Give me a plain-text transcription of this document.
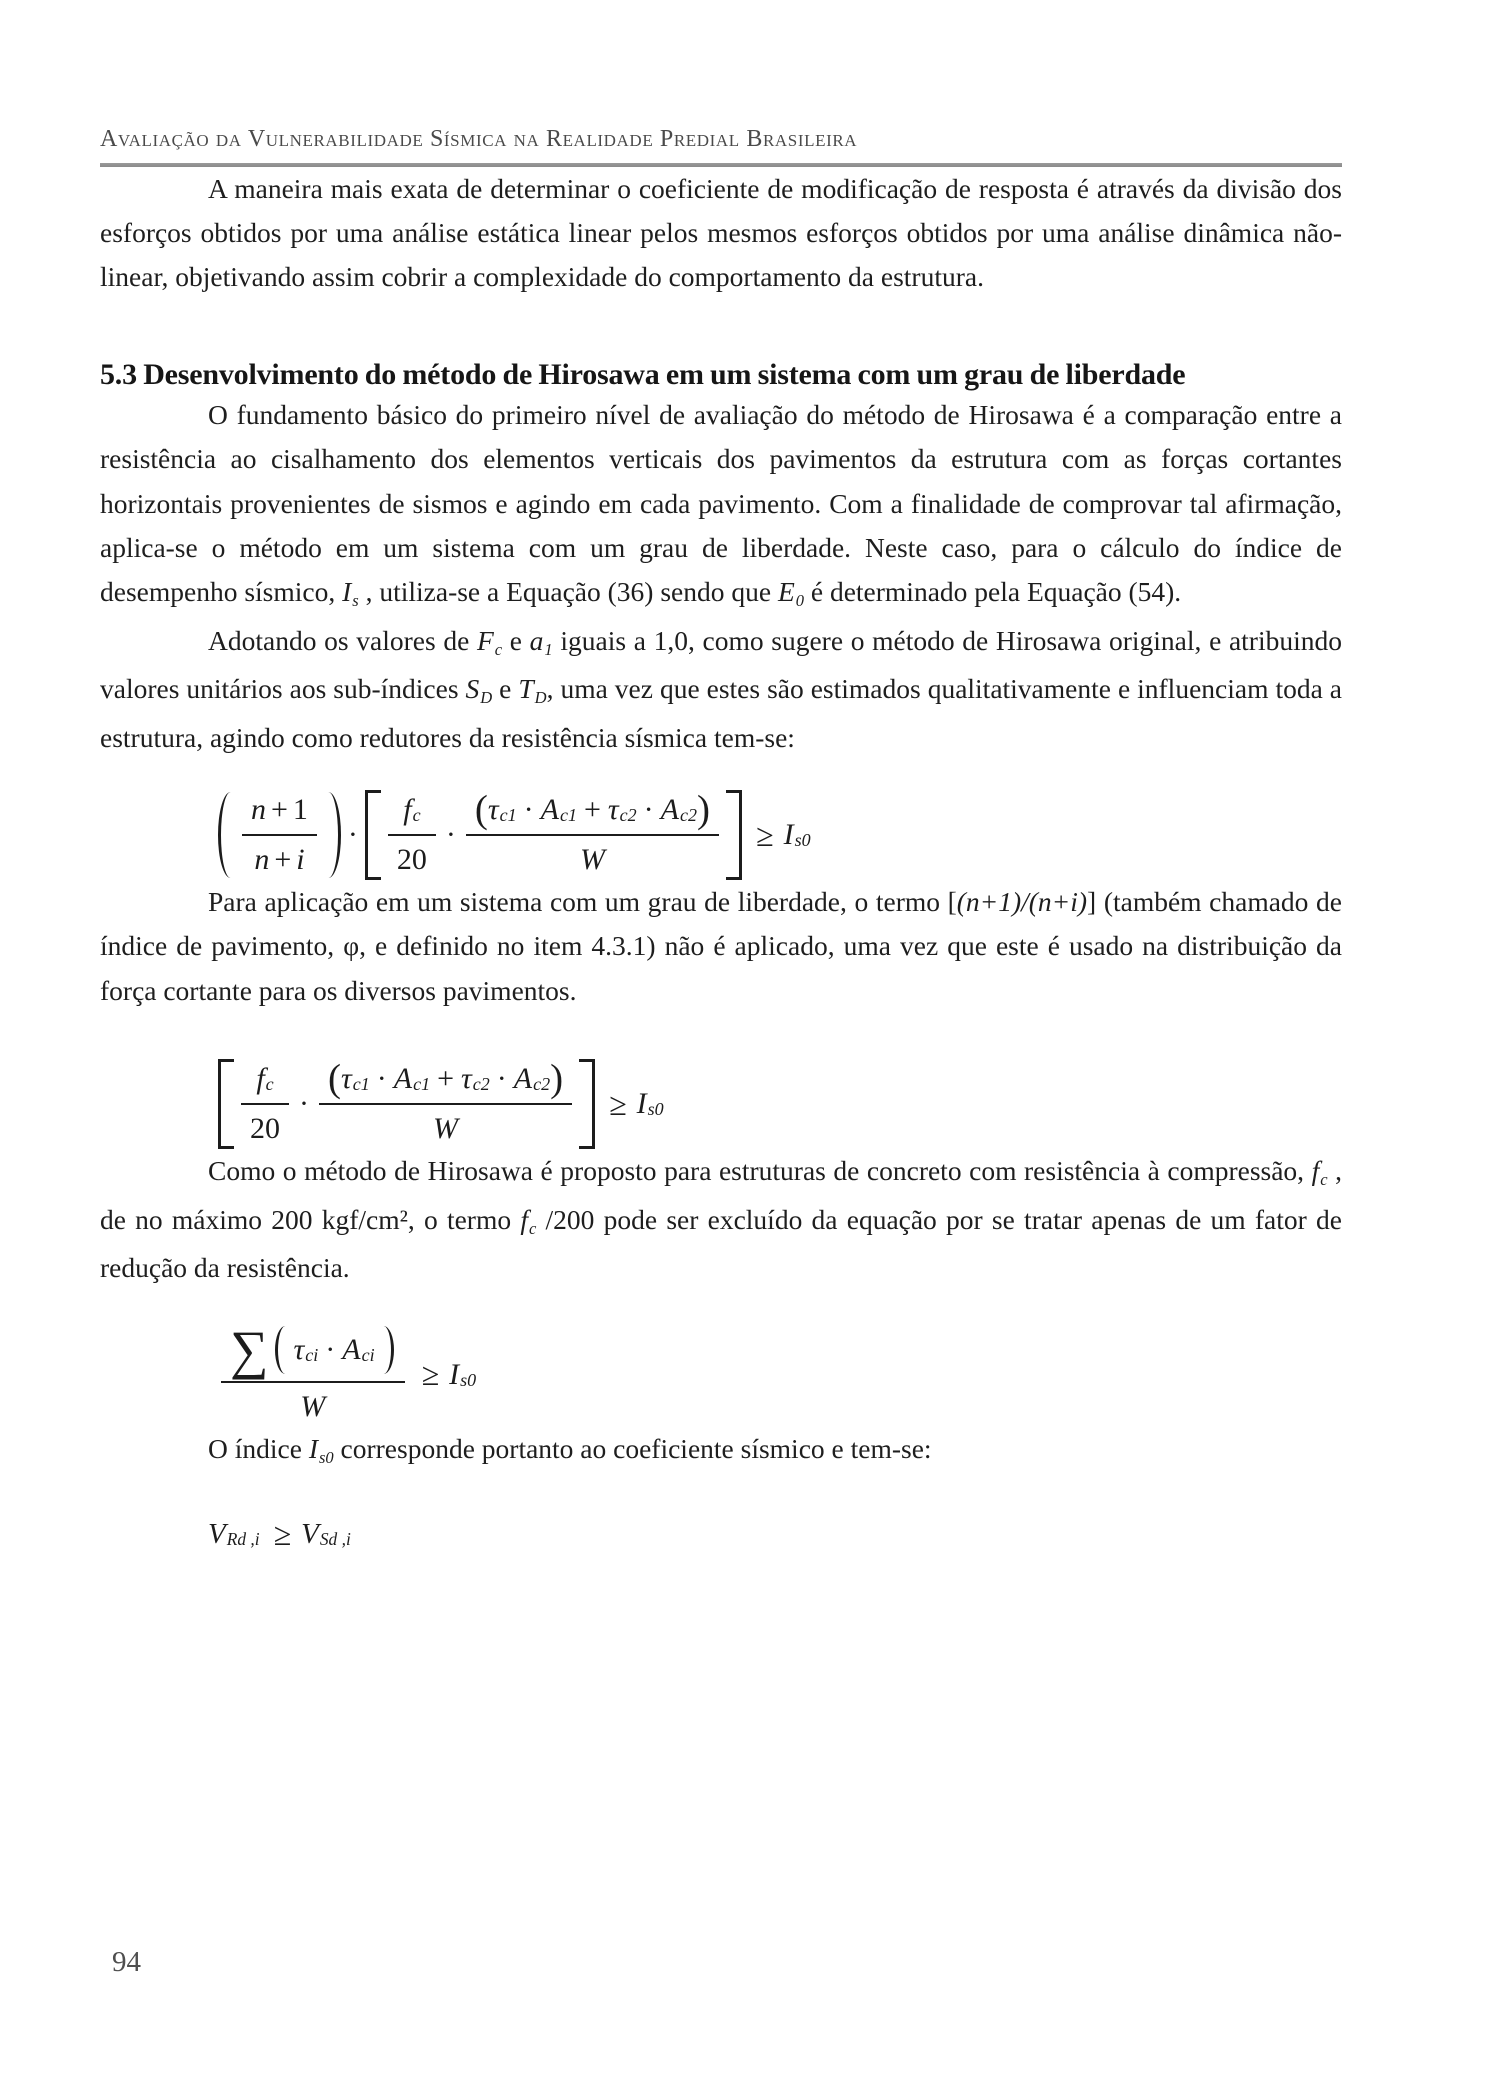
Avaliação da Vulnerabilidade Sísmica na Realidade Predial Brasileira

A maneira mais exata de determinar o coeficiente de modificação de resposta é através da divisão dos esforços obtidos por uma análise estática linear pelos mesmos esforços obtidos por uma análise dinâmica não-linear, objetivando assim cobrir a complexidade do comportamento da estrutura.

5.3 Desenvolvimento do método de Hirosawa em um sistema com um grau de liberdade

O fundamento básico do primeiro nível de avaliação do método de Hirosawa é a comparação entre a resistência ao cisalhamento dos elementos verticais dos pavimentos da estrutura com as forças cortantes horizontais provenientes de sismos e agindo em cada pavimento. Com a finalidade de comprovar tal afirmação, aplica-se o método em um sistema com um grau de liberdade. Neste caso, para o cálculo do índice de desempenho sísmico, Is , utiliza-se a Equação (36) sendo que E0 é determinado pela Equação (54).

Adotando os valores de Fc e a1 iguais a 1,0, como sugere o método de Hirosawa original, e atribuindo valores unitários aos sub-índices SD e TD, uma vez que estes são estimados qualitativamente e influenciam toda a estrutura, agindo como redutores da resistência sísmica tem-se:

$\frac{n + 1}{n + i} \cdot \frac{\text{f c}}{20} \cdot \frac{\text{( τ c1 · A c1 + τ c2 · A c2 )}}{W} \ge I$ s0

Para aplicação em um sistema com um grau de liberdade, o termo [(n+1)/(n+i)] (também chamado de índice de pavimento, φ, e definido no item 4.3.1) não é aplicado, uma vez que este é usado na distribuição da força cortante para os diversos pavimentos.

$\frac{\text{f c}}{20} \cdot \frac{\text{( τ c1 · A c1 + τ c2 · A c2 )}}{W} \ge I$ s0

Como o método de Hirosawa é proposto para estruturas de concreto com resistência à compressão, fc , de no máximo 200 kgf/cm², o termo fc /200 pode ser excluído da equação por se tratar apenas de um fator de redução da resistência.

$\frac{\text{∑ τ ci · A ci}}{W} \ge I$ s0

O índice Is0 corresponde portanto ao coeficiente sísmico e tem-se:

V Rd ,i ≥ V Sd ,i
94
